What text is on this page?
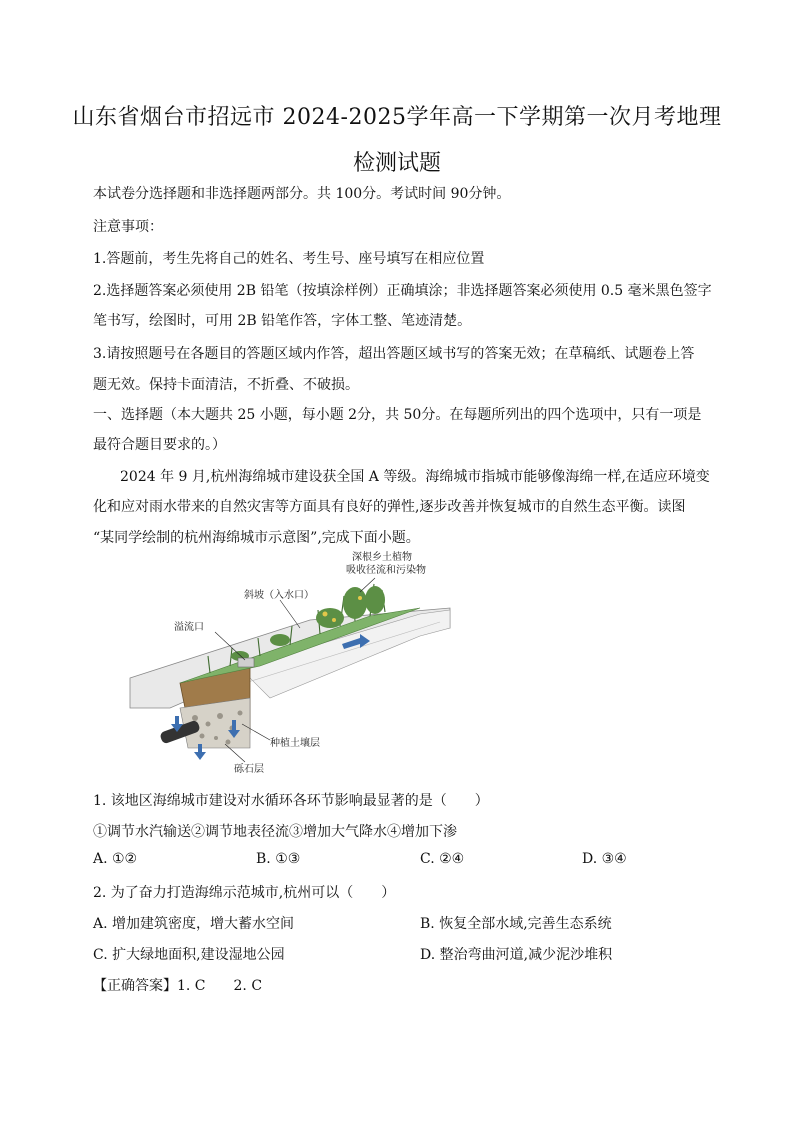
山东省烟台市招远市 2024-2025学年高一下学期第一次月考地理
检测试题
本试卷分选择题和非选择题两部分。共 100分。考试时间 90分钟。
注意事项：
1.答题前，考生先将自己的姓名、考生号、座号填写在相应位置
2.选择题答案必须使用 2B 铅笔（按填涂样例）正确填涂；非选择题答案必须使用 0.5 毫米黑色签字
笔书写，绘图时，可用 2B 铅笔作答，字体工整、笔迹清楚。
3.请按照题号在各题目的答题区域内作答，超出答题区域书写的答案无效；在草稿纸、试题卷上答
题无效。保持卡面清洁，不折叠、不破损。
一、选择题（本大题共 25 小题，每小题 2分，共 50分。在每题所列出的四个选项中，只有一项是
最符合题目要求的。）
2024 年 9 月,杭州海绵城市建设获全国 A 等级。海绵城市指城市能够像海绵一样,在适应环境变
化和应对雨水带来的自然灾害等方面具有良好的弹性,逐步改善并恢复城市的自然生态平衡。读图
“某同学绘制的杭州海绵城市示意图”,完成下面小题。
深根乡土植物
吸收径流和污染物
斜坡（入水口）
溢流口
种植土壤层
砾石层
1. 该地区海绵城市建设对水循环各环节影响最显著的是（　　）
①调节水汽输送②调节地表径流③增加大气降水④增加下渗
A. ①②	B. ①③	C. ②④	D. ③④
2. 为了奋力打造海绵示范城市,杭州可以（　　）
A. 增加建筑密度，增大蓄水空间	B. 恢复全部水域,完善生态系统
C. 扩大绿地面积,建设湿地公园	D. 整治弯曲河道,减少泥沙堆积
【正确答案】1. C　　2. C
